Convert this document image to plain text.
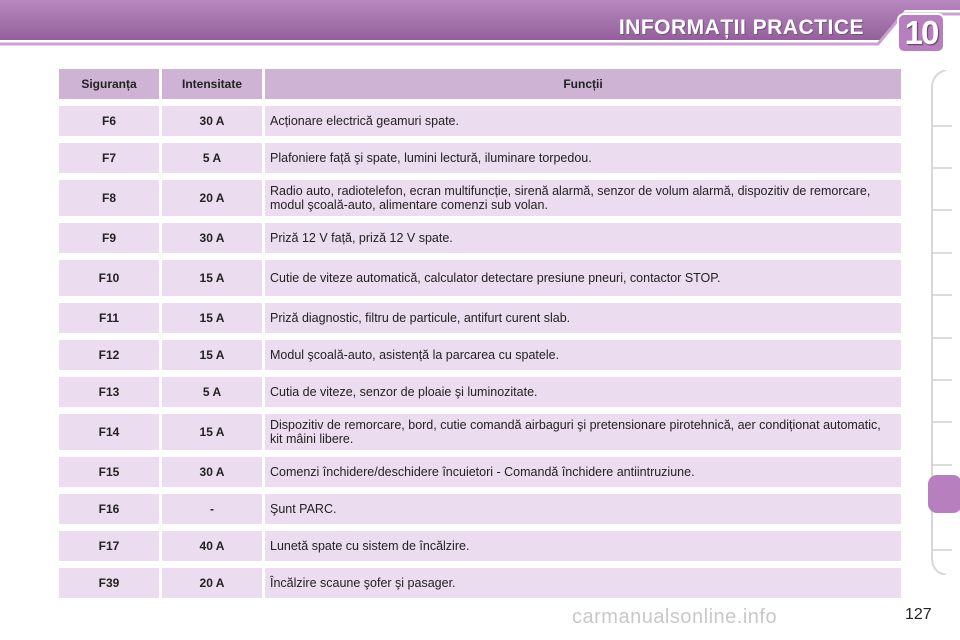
INFORMAȚII PRACTICE 10
Siguranța	Intensitate	Funcții
F6	30 A	Acționare electrică geamuri spate.
F7	5 A	Plafoniere față şi spate, lumini lectură, iluminare torpedou.
F8	20 A	Radio auto, radiotelefon, ecran multifuncție, sirenă alarmă, senzor de volum alarmă, dispozitiv de remorcare, modul şcoală-auto, alimentare comenzi sub volan.
F9	30 A	Priză 12 V față, priză 12 V spate.
F10	15 A	Cutie de viteze automatică, calculator detectare presiune pneuri, contactor STOP.
F11	15 A	Priză diagnostic, filtru de particule, antifurt curent slab.
F12	15 A	Modul şcoală-auto, asistență la parcarea cu spatele.
F13	5 A	Cutia de viteze, senzor de ploaie şi luminozitate.
F14	15 A	Dispozitiv de remorcare, bord, cutie comandă airbaguri şi pretensionare pirotehnică, aer condiționat automatic, kit mâini libere.
F15	30 A	Comenzi închidere/deschidere încuietori - Comandă închidere antiintruziune.
F16	-	Şunt PARC.
F17	40 A	Lunetă spate cu sistem de încălzire.
F39	20 A	Încălzire scaune şofer şi pasager.
carmanualsonline.info	127
